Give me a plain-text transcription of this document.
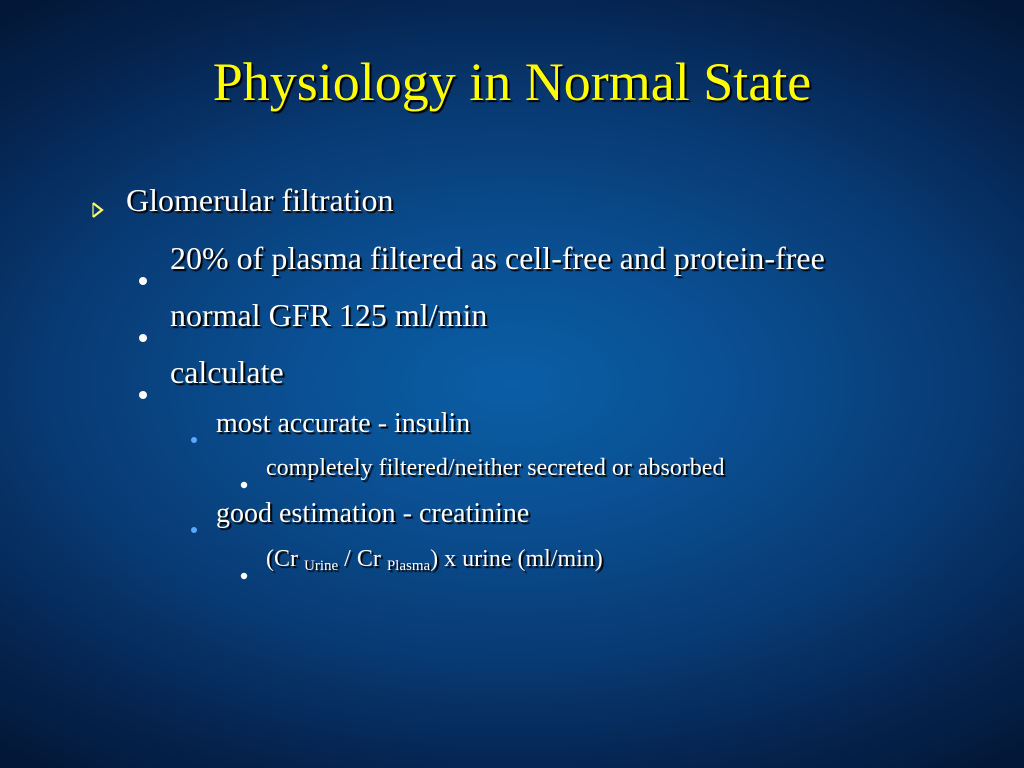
Physiology in Normal State
Glomerular filtration
20% of plasma filtered as cell-free and protein-free
normal GFR 125 ml/min
calculate
most accurate - insulin
completely filtered/neither secreted or absorbed
good estimation - creatinine
(Cr $_{Urine}$ / Cr $_{Plasma}$) x urine (ml/min)
